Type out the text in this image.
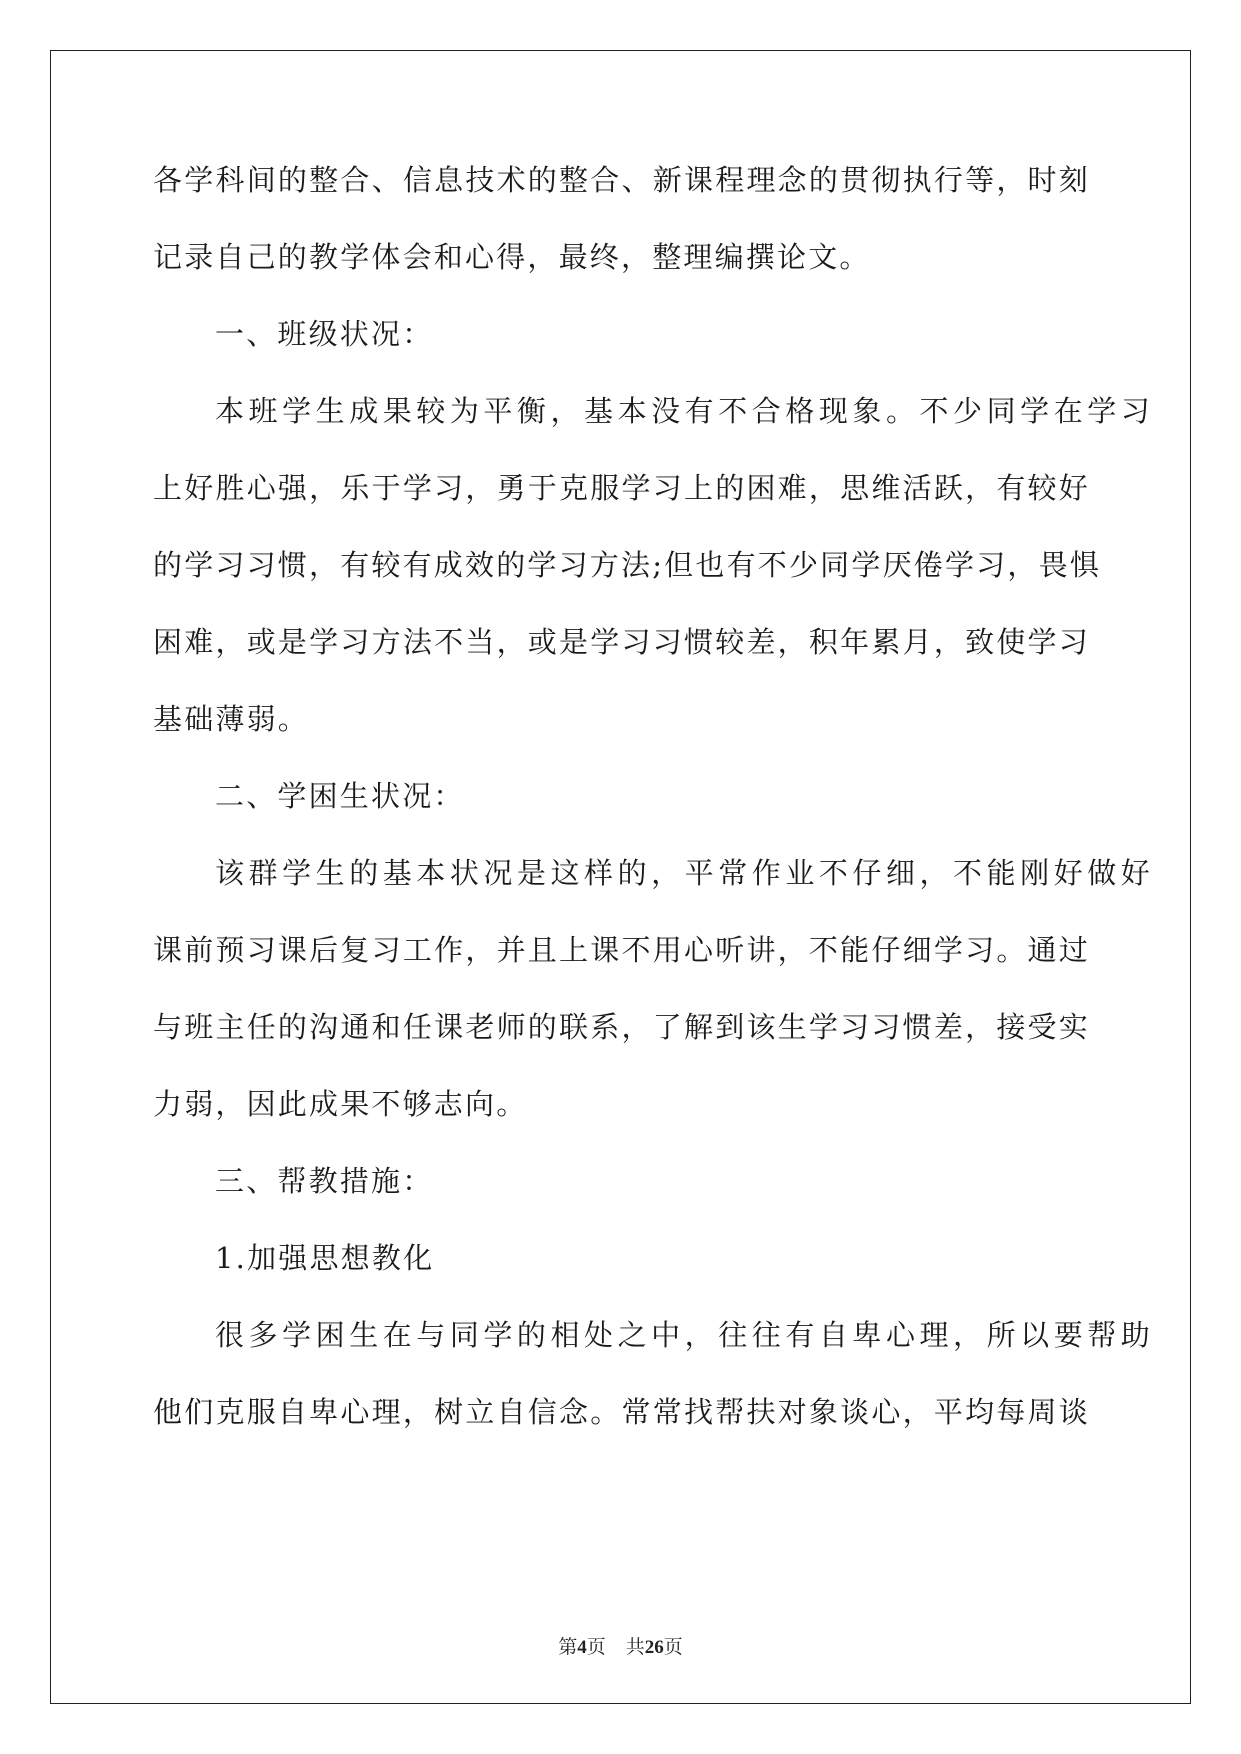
各学科间的整合、信息技术的整合、新课程理念的贯彻执行等，时刻
记录自己的教学体会和心得，最终，整理编撰论文。
一、班级状况：
本班学生成果较为平衡，基本没有不合格现象。不少同学在学习
上好胜心强，乐于学习，勇于克服学习上的困难，思维活跃，有较好
的学习习惯，有较有成效的学习方法;但也有不少同学厌倦学习，畏惧
困难，或是学习方法不当，或是学习习惯较差，积年累月，致使学习
基础薄弱。
二、学困生状况：
该群学生的基本状况是这样的，平常作业不仔细，不能刚好做好
课前预习课后复习工作，并且上课不用心听讲，不能仔细学习。通过
与班主任的沟通和任课老师的联系，了解到该生学习习惯差，接受实
力弱，因此成果不够志向。
三、帮教措施：
1.加强思想教化
很多学困生在与同学的相处之中，往往有自卑心理，所以要帮助
他们克服自卑心理，树立自信念。常常找帮扶对象谈心，平均每周谈
第4页 共26页
